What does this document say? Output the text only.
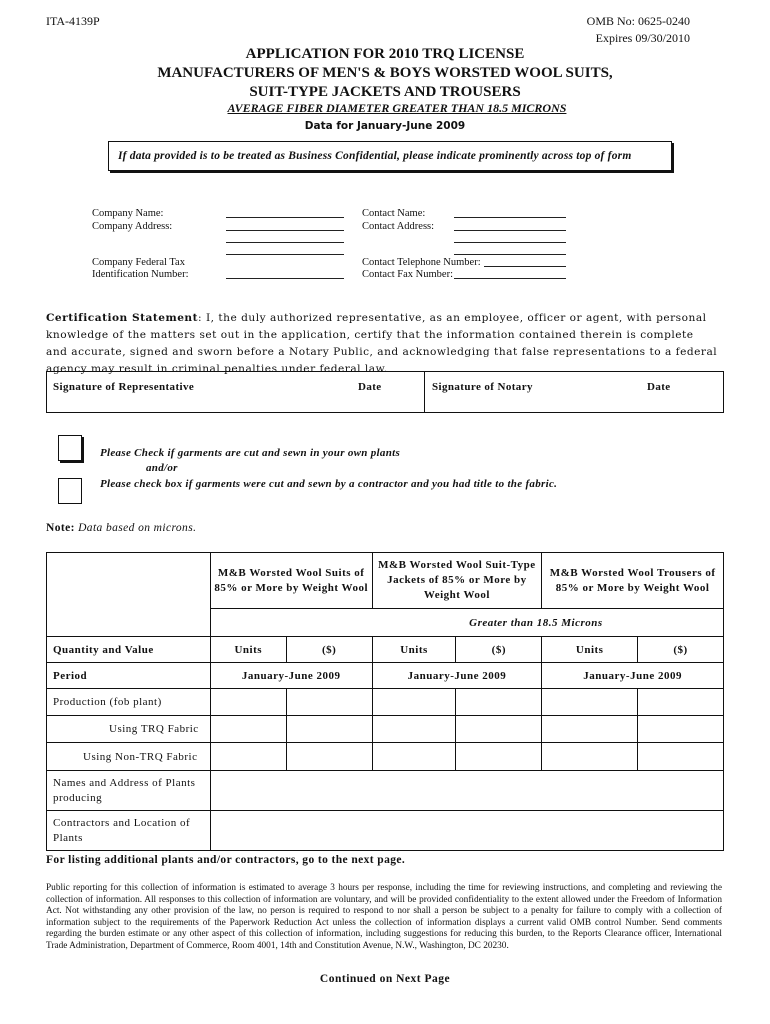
ITA-4139P	OMB No: 0625-0240
Expires 09/30/2010
APPLICATION FOR 2010 TRQ LICENSE
MANUFACTURERS OF MEN'S & BOYS WORSTED WOOL SUITS,
SUIT-TYPE JACKETS AND TROUSERS
AVERAGE FIBER DIAMETER GREATER THAN 18.5 MICRONS
Data for January-June 2009
If data provided is to be treated as Business Confidential, please indicate prominently across top of form
Company Name:
Company Address:
Contact Name:
Contact Address:
Company Federal Tax
Identification Number:
Contact Telephone Number:
Contact Fax Number:
Certification Statement: I, the duly authorized representative, as an employee, officer or agent, with personal knowledge of the matters set out in the application, certify that the information contained therein is complete and accurate, signed and sworn before a Notary Public, and acknowledging that false representations to a federal agency may result in criminal penalties under federal law.
Signature of Representative	Date	Signature of Notary	Date
Please Check if garments are cut and sewn in your own plants
and/or
Please check box if garments were cut and sewn by a contractor and you had title to the fabric.
Note: Data based on microns.
	M&B Worsted Wool Suits of 85% or More by Weight Wool		M&B Worsted Wool Suit-Type Jackets of 85% or More by Weight Wool		M&B Worsted Wool Trousers of 85% or More by Weight Wool	
	Greater than 18.5 Microns					
Quantity and Value	Units	($)	Units	($)	Units	($)
Period	January-June 2009		January-June 2009		January-June 2009	
Production (fob plant)						
Using TRQ Fabric						
Using Non-TRQ Fabric						
Names and Address of Plants producing						
Contractors and Location of Plants						
For listing additional plants and/or contractors, go to the next page.
Public reporting for this collection of information is estimated to average 3 hours per response, including the time for reviewing instructions, and completing and reviewing the collection of information. All responses to this collection of information are voluntary, and will be provided confidentiality to the extent allowed under the Freedom of Information Act. Not withstanding any other provision of the law, no person is required to respond to nor shall a person be subject to a penalty for failure to comply with a collection of information subject to the requirements of the Paperwork Reduction Act unless the collection of information displays a current valid OMB control Number. Send comments regarding the burden estimate or any other aspect of this collection of information, including suggestions for reducing this burden, to the Reports Clearance officer, International Trade Administration, Department of Commerce, Room 4001, 14th and Constitution Avenue, N.W., Washington, DC 20230.
Continued on Next Page
